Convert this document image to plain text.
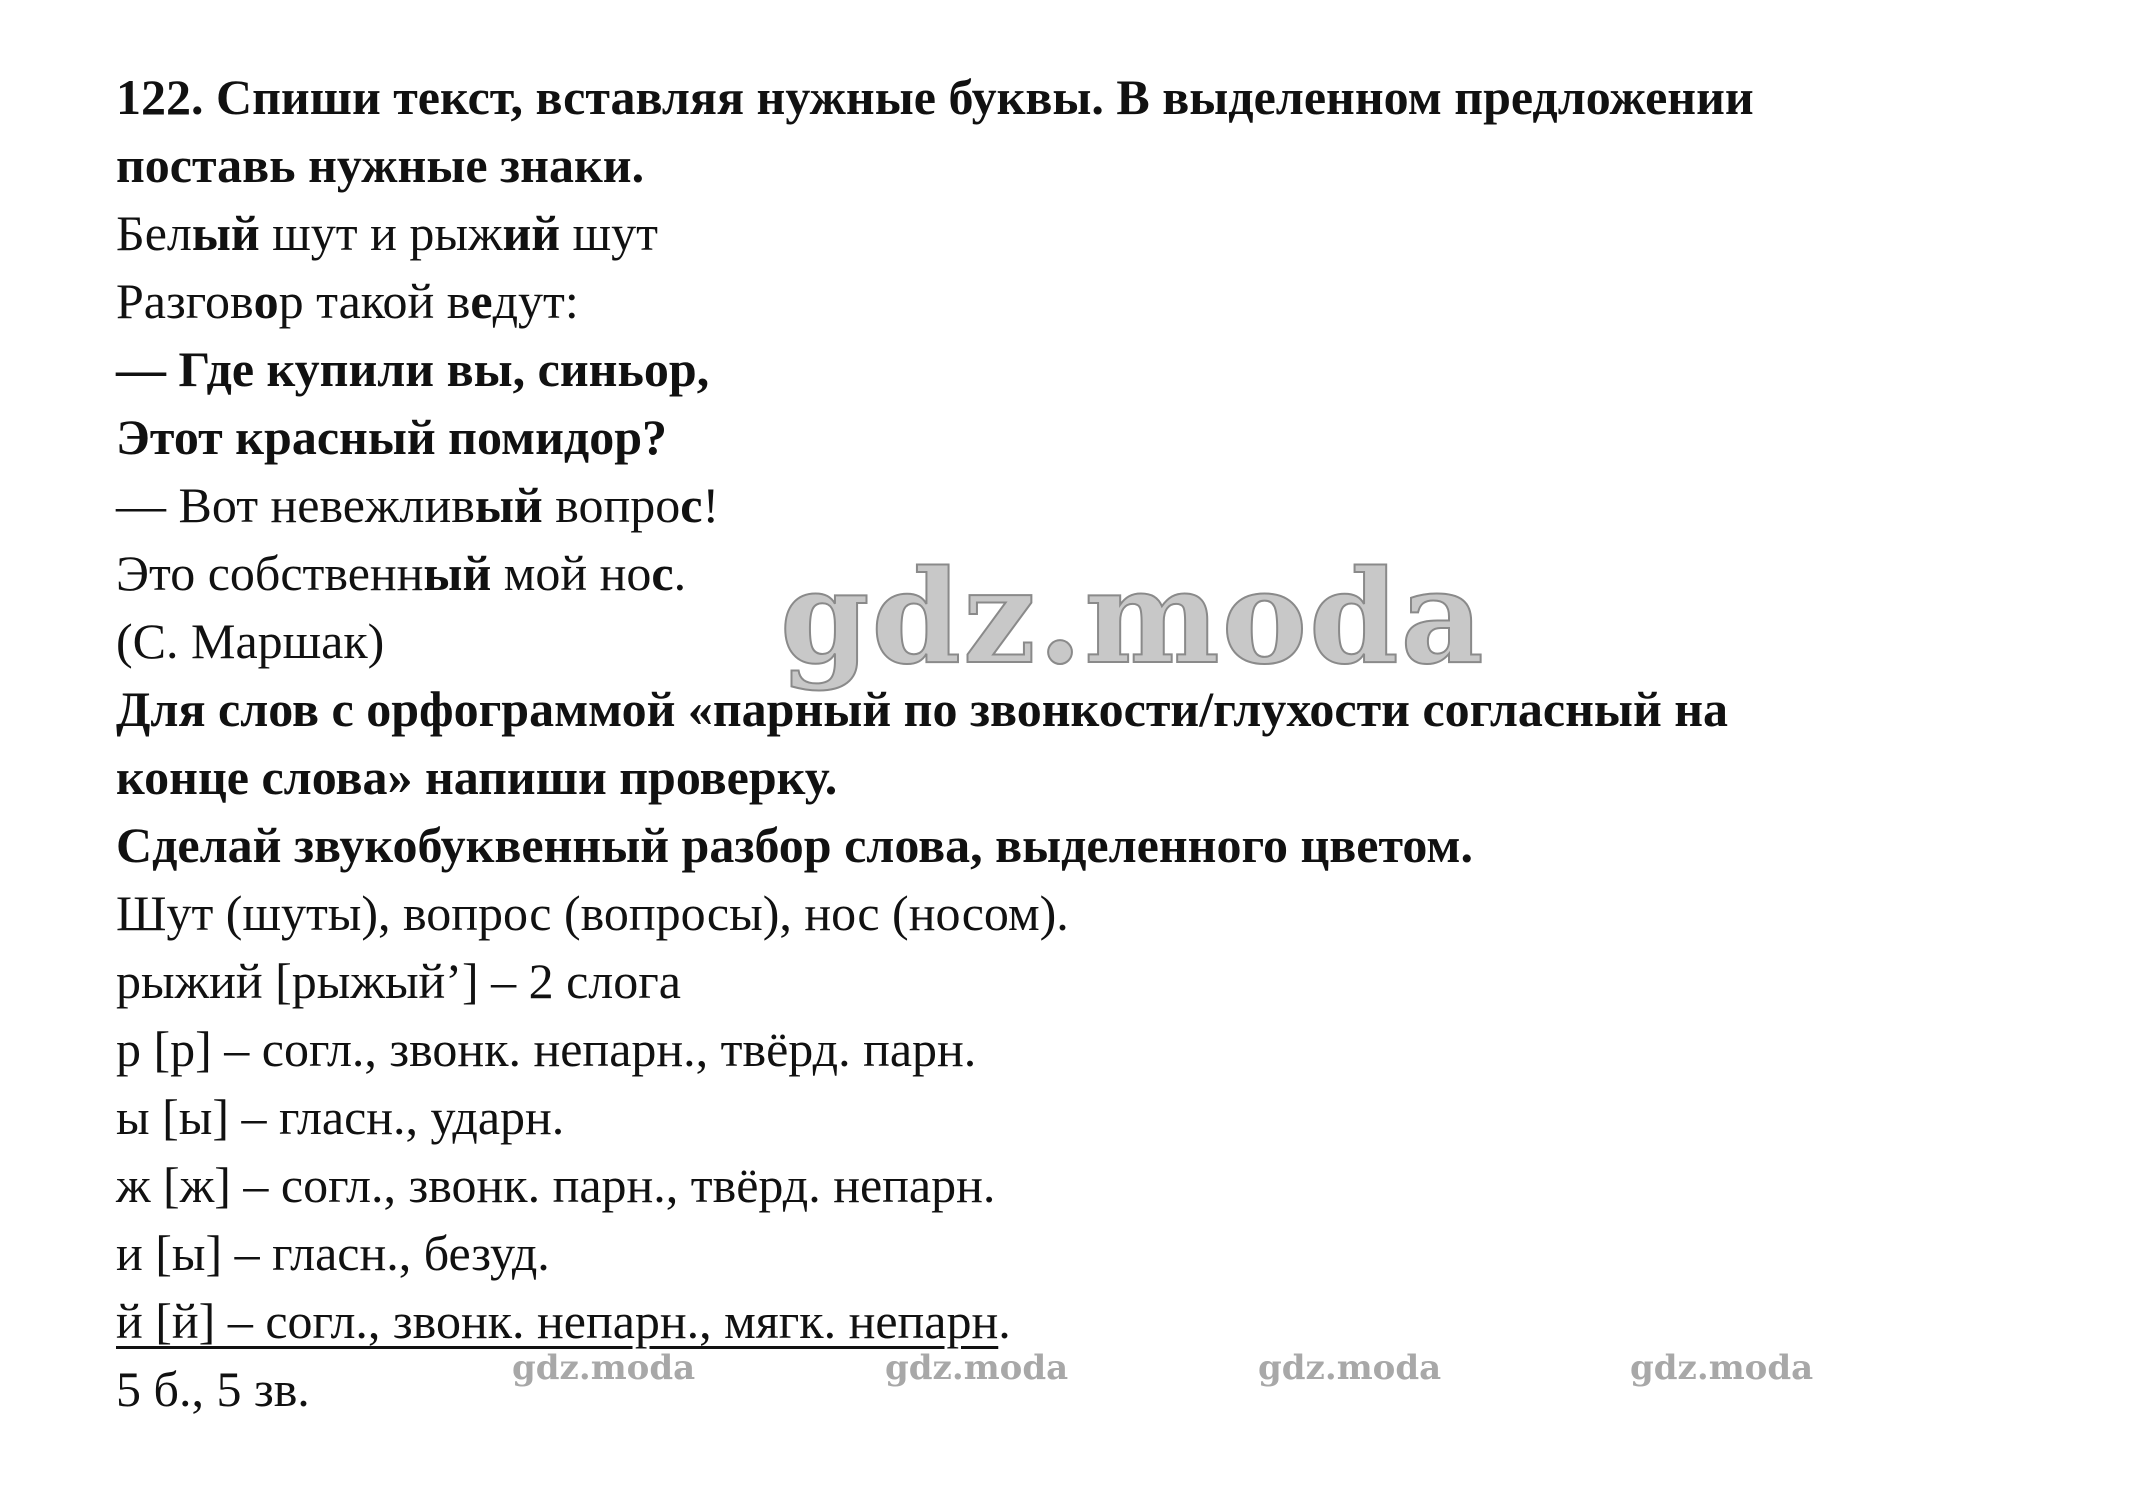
122. Спиши текст, вставляя нужные буквы. В выделенном предложении
поставь нужные знаки.
Белый шут и рыжий шут
Разговор такой ведут:
— Где купили вы, синьор,
Этот красный помидор?
— Вот невежливый вопрос!
Это собственный мой нос.
(С. Маршак)	gdz.moda
Для слов с орфограммой «парный по звонкости/глухости согласный на
конце слова» напиши проверку.
Сделай звукобуквенный разбор слова, выделенного цветом.
Шут (шуты), вопрос (вопросы), нос (носом).
рыжий [рыжый’] – 2 слога
р [р] – согл., звонк. непарн., твёрд. парн.
ы [ы] – гласн., ударн.
ж [ж] – согл., звонк. парн., твёрд. непарн.
и [ы] – гласн., безуд.
й [й] – согл., звонк. непарн., мягк. непарн.
5 б., 5 зв.	gdz.moda	gdz.moda	gdz.moda	gdz.moda
